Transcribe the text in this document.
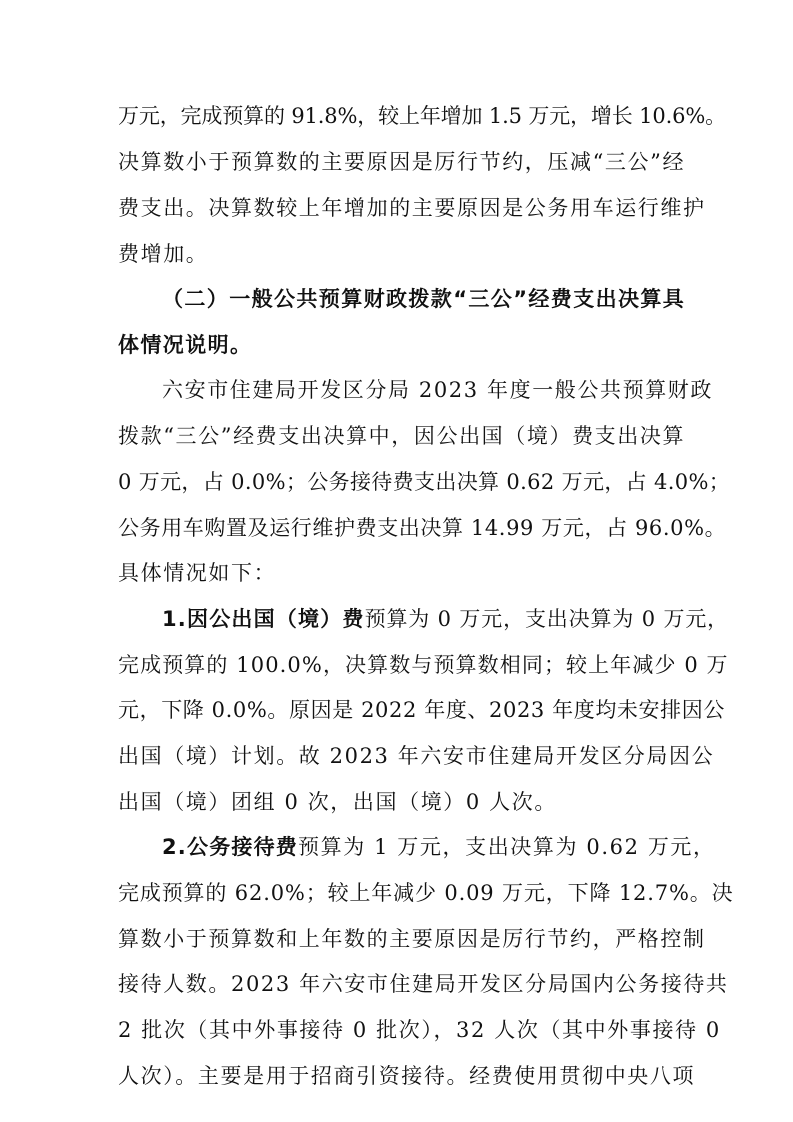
万元，完成预算的 91.8%，较上年增加 1.5 万元，增长 10.6%。
决算数小于预算数的主要原因是厉行节约，压减“三公”经
费支出。决算数较上年增加的主要原因是公务用车运行维护
费增加。
（二）一般公共预算财政拨款“三公”经费支出决算具
体情况说明。
六安市住建局开发区分局 2023 年度一般公共预算财政
拨款“三公”经费支出决算中，因公出国（境）费支出决算
0 万元，占 0.0%；公务接待费支出决算 0.62 万元，占 4.0%；
公务用车购置及运行维护费支出决算 14.99 万元，占 96.0%。
具体情况如下：
1.因公出国（境）费预算为 0 万元，支出决算为 0 万元，
完成预算的 100.0%，决算数与预算数相同；较上年减少 0 万
元，下降 0.0%。原因是 2022 年度、2023 年度均未安排因公
出国（境）计划。故 2023 年六安市住建局开发区分局因公
出国（境）团组 0 次，出国（境）0 人次。
2.公务接待费预算为 1 万元，支出决算为 0.62 万元，
完成预算的 62.0%；较上年减少 0.09 万元，下降 12.7%。决
算数小于预算数和上年数的主要原因是厉行节约，严格控制
接待人数。2023 年六安市住建局开发区分局国内公务接待共
2 批次（其中外事接待 0 批次），32 人次（其中外事接待 0
人次）。主要是用于招商引资接待。经费使用贯彻中央八项
